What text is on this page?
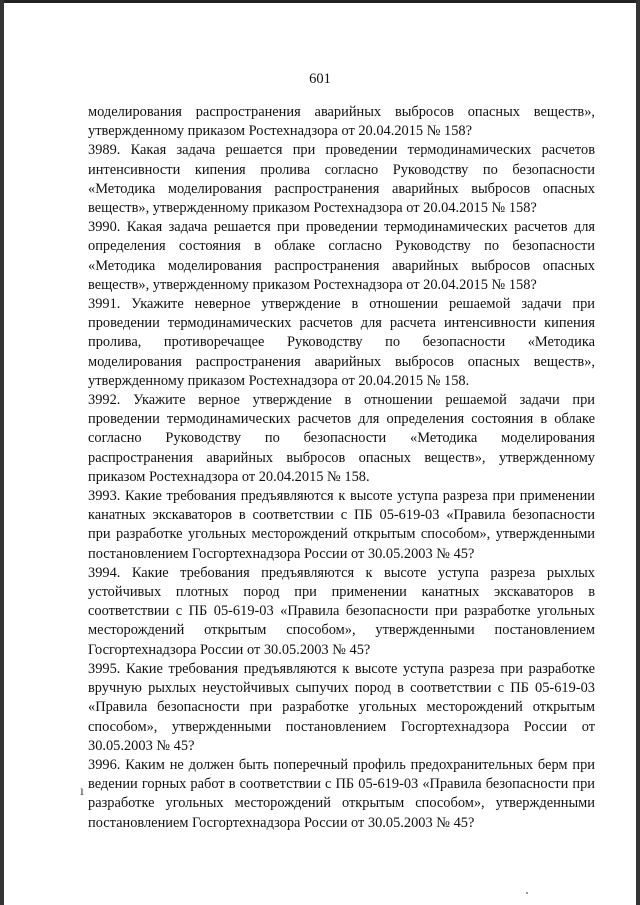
601

моделирования распространения аварийных выбросов опасных веществ», утвержденному приказом Ростехнадзора от 20.04.2015 № 158?

3989. Какая задача решается при проведении термодинамических расчетов интенсивности кипения пролива согласно Руководству по безопасности «Методика моделирования распространения аварийных выбросов опасных веществ», утвержденному приказом Ростехнадзора от 20.04.2015 № 158?

3990. Какая задача решается при проведении термодинамических расчетов для определения состояния в облаке согласно Руководству по безопасности «Методика моделирования распространения аварийных выбросов опасных веществ», утвержденному приказом Ростехнадзора от 20.04.2015 № 158?

3991. Укажите неверное утверждение в отношении решаемой задачи при проведении термодинамических расчетов для расчета интенсивности кипения пролива, противоречащее Руководству по безопасности «Методика моделирования распространения аварийных выбросов опасных веществ», утвержденному приказом Ростехнадзора от 20.04.2015 № 158.

3992. Укажите верное утверждение в отношении решаемой задачи при проведении термодинамических расчетов для определения состояния в облаке согласно Руководству по безопасности «Методика моделирования распространения аварийных выбросов опасных веществ», утвержденному приказом Ростехнадзора от 20.04.2015 № 158.

3993. Какие требования предъявляются к высоте уступа разреза при применении канатных экскаваторов в соответствии с ПБ 05-619-03 «Правила безопасности при разработке угольных месторождений открытым способом», утвержденными постановлением Госгортехнадзора России от 30.05.2003 № 45?

3994. Какие требования предъявляются к высоте уступа разреза рыхлых устойчивых плотных пород при применении канатных экскаваторов в соответствии с ПБ 05-619-03 «Правила безопасности при разработке угольных месторождений открытым способом», утвержденными постановлением Госгортехнадзора России от 30.05.2003 № 45?

3995. Какие требования предъявляются к высоте уступа разреза при разработке вручную рыхлых неустойчивых сыпучих пород в соответствии с ПБ 05-619-03 «Правила безопасности при разработке угольных месторождений открытым способом», утвержденными постановлением Госгортехнадзора России от 30.05.2003 № 45?

3996. Каким не должен быть поперечный профиль предохранительных берм при ведении горных работ в соответствии с ПБ 05-619-03 «Правила безопасности при разработке угольных месторождений открытым способом», утвержденными постановлением Госгортехнадзора России от 30.05.2003 № 45?

ı
